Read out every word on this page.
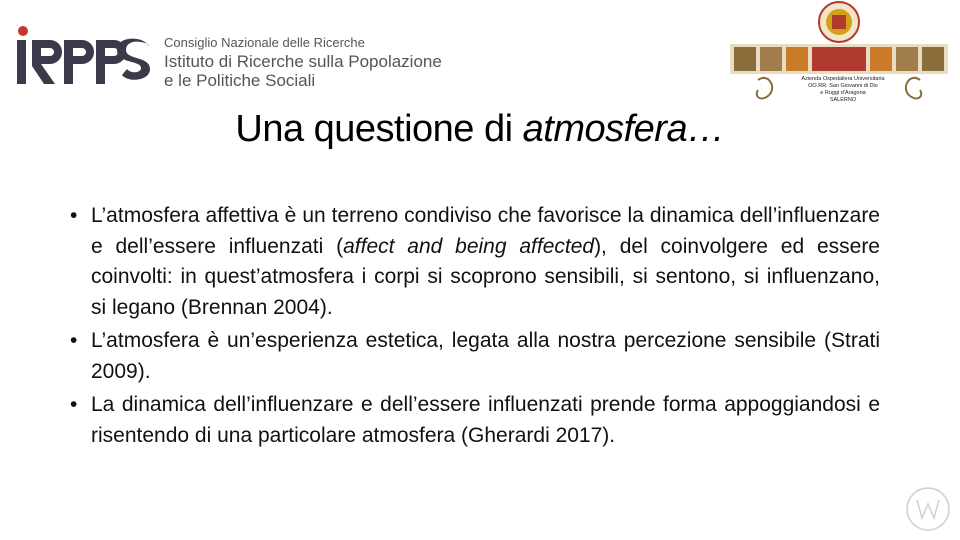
Consiglio Nazionale delle Ricerche
Istituto di Ricerche sulla Popolazione
e le Politiche Sociali	Azienda Ospedaliera Universitaria
OO.RR. San Giovanni di Dio
e Ruggi d'Aragona
SALERNO
Una questione di atmosfera…
• L’atmosfera affettiva è un terreno condiviso che favorisce la dinamica dell’influenzare e dell’essere influenzati (affect and being affected), del coinvolgere ed essere coinvolti: in quest’atmosfera i corpi si scoprono sensibili, si sentono, si influenzano, si legano (Brennan 2004).
• L’atmosfera è un’esperienza estetica, legata alla nostra percezione sensibile (Strati 2009).
• La dinamica dell’influenzare e dell’essere influenzati prende forma appoggiandosi e risentendo di una particolare atmosfera (Gherardi 2017).
